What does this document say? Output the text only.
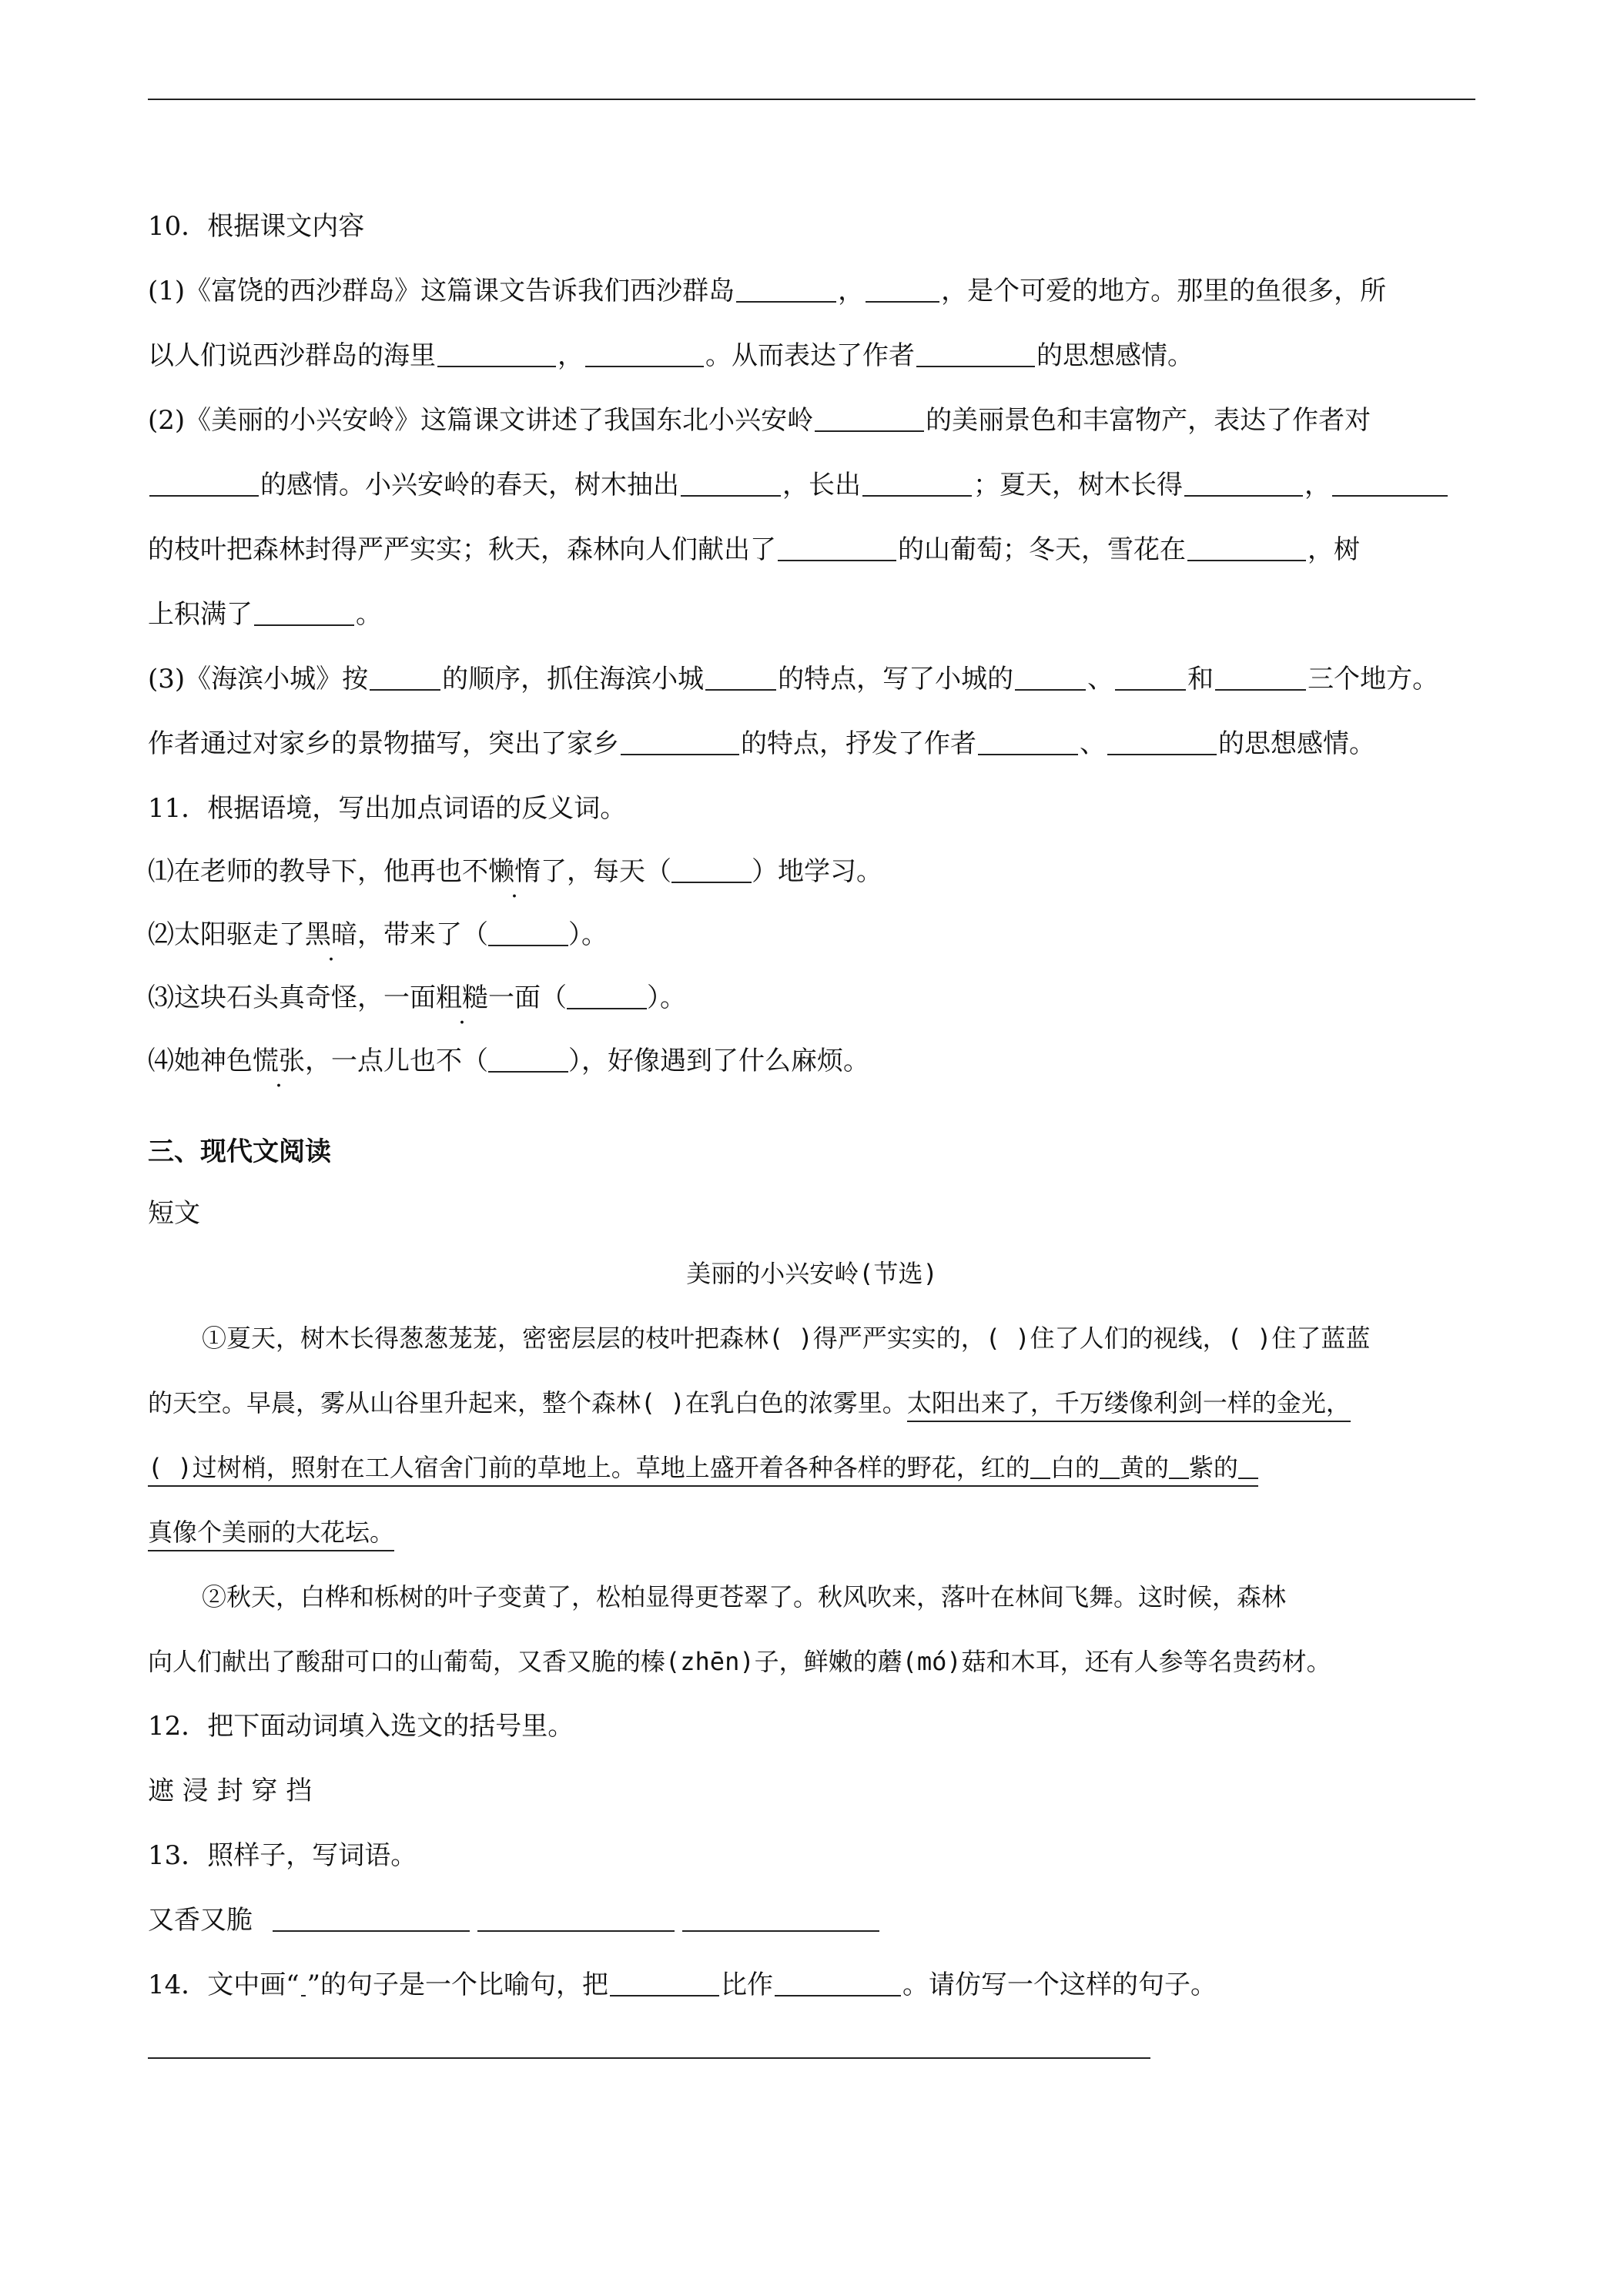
10．根据课文内容
(1)《富饶的西沙群岛》这篇课文告诉我们西沙群岛	，	，是个可爱的地方。那里的鱼很多，所
以人们说西沙群岛的海里	，	。从而表达了作者	的思想感情。
(2)《美丽的小兴安岭》这篇课文讲述了我国东北小兴安岭	的美丽景色和丰富物产，表达了作者对
的感情。小兴安岭的春天，树木抽出	，长出	；夏天，树木长得	，
的枝叶把森林封得严严实实；秋天，森林向人们献出了	的山葡萄；冬天，雪花在	，树
上积满了	。
(3)《海滨小城》按	的顺序，抓住海滨小城	的特点，写了小城的	、	和	三个地方。
作者通过对家乡的景物描写，突出了家乡	的特点，抒发了作者	、	的思想感情。
11．根据语境，写出加点词语的反义词。
⑴在老师的教导下，他再也不懒惰了，每天（	）地学习。
⑵太阳驱走了黑暗，带来了（	）。
⑶这块石头真奇怪，一面粗糙一面（	）。
⑷她神色慌张，一点儿也不（	），好像遇到了什么麻烦。
三、现代文阅读
短文
美丽的小兴安岭(节选)
①夏天，树木长得葱葱茏茏，密密层层的枝叶把森林( )得严严实实的，( )住了人们的视线，( )住了蓝蓝
的天空。早晨，雾从山谷里升起来，整个森林( )在乳白色的浓雾里。太阳出来了，千万缕像利剑一样的金光，
( )过树梢，照射在工人宿舍门前的草地上。草地上盛开着各种各样的野花，红的 白的 黄的 紫的
真像个美丽的大花坛。
②秋天，白桦和栎树的叶子变黄了，松柏显得更苍翠了。秋风吹来，落叶在林间飞舞。这时候，森林
向人们献出了酸甜可口的山葡萄，又香又脆的榛(zhēn)子，鲜嫩的蘑(mó)菇和木耳，还有人参等名贵药材。
12．把下面动词填入选文的括号里。
遮 浸 封 穿 挡
13．照样子，写词语。
又香又脆
14．文中画“ ”的句子是一个比喻句，把	比作	。请仿写一个这样的句子。
